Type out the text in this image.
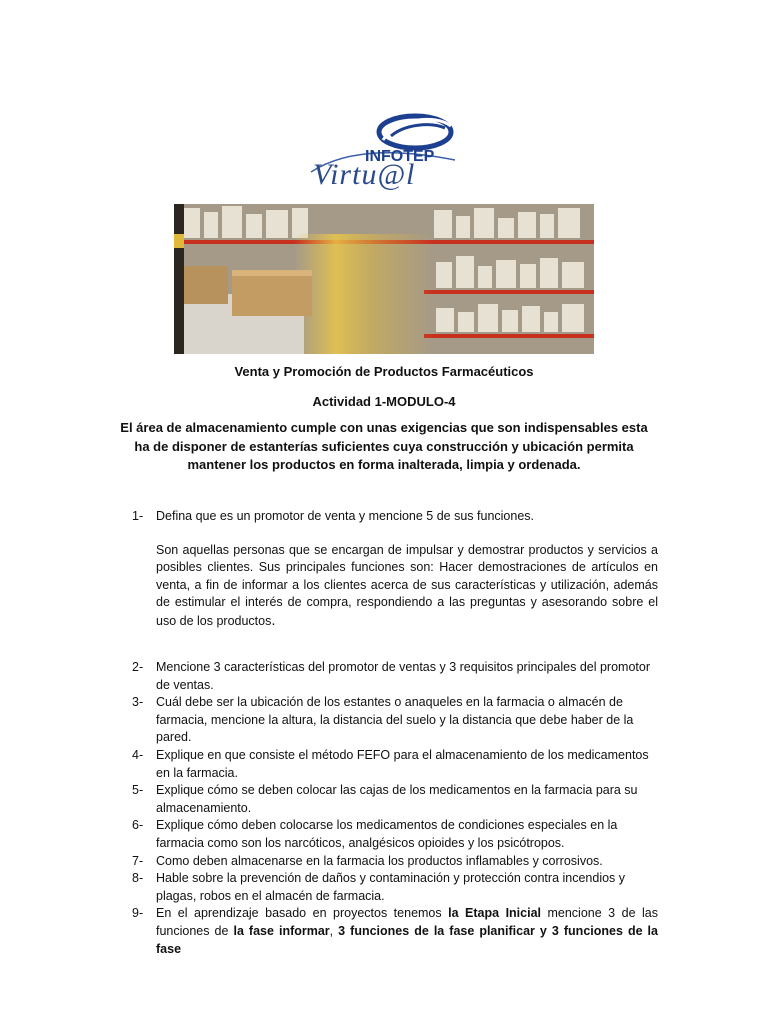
INFOTEP
Virtu@l
Venta y Promoción de Productos Farmacéuticos
Actividad 1-MODULO-4
El área de almacenamiento cumple con unas exigencias que son indispensables esta ha de disponer de estanterías suficientes cuya construcción y ubicación permita mantener los productos en forma inalterada, limpia y ordenada.

1- Defina que es un promotor de venta y mencione 5 de sus funciones.

Son aquellas personas que se encargan de impulsar y demostrar productos y servicios a posibles clientes. Sus principales funciones son: Hacer demostraciones de artículos en venta, a fin de informar a los clientes acerca de sus características y utilización, además de estimular el interés de compra, respondiendo a las preguntas y asesorando sobre el uso de los productos.

2- Mencione 3 características del promotor de ventas y 3 requisitos principales del promotor de ventas.

3- Cuál debe ser la ubicación de los estantes o anaqueles en la farmacia o almacén de farmacia, mencione la altura, la distancia del suelo y la distancia que debe haber de la pared.

4- Explique en que consiste el método FEFO para el almacenamiento de los medicamentos en la farmacia.

5- Explique cómo se deben colocar las cajas de los medicamentos en la farmacia para su almacenamiento.

6- Explique cómo deben colocarse los medicamentos de condiciones especiales en la farmacia como son los narcóticos, analgésicos opioides y los psicótropos.

7- Como deben almacenarse en la farmacia los productos inflamables y corrosivos.

8- Hable sobre la prevención de daños y contaminación y protección contra incendios y plagas, robos en el almacén de farmacia.

9- En el aprendizaje basado en proyectos tenemos la Etapa Inicial mencione 3 de las funciones de la fase informar, 3 funciones de la fase planificar y 3 funciones de la fase
